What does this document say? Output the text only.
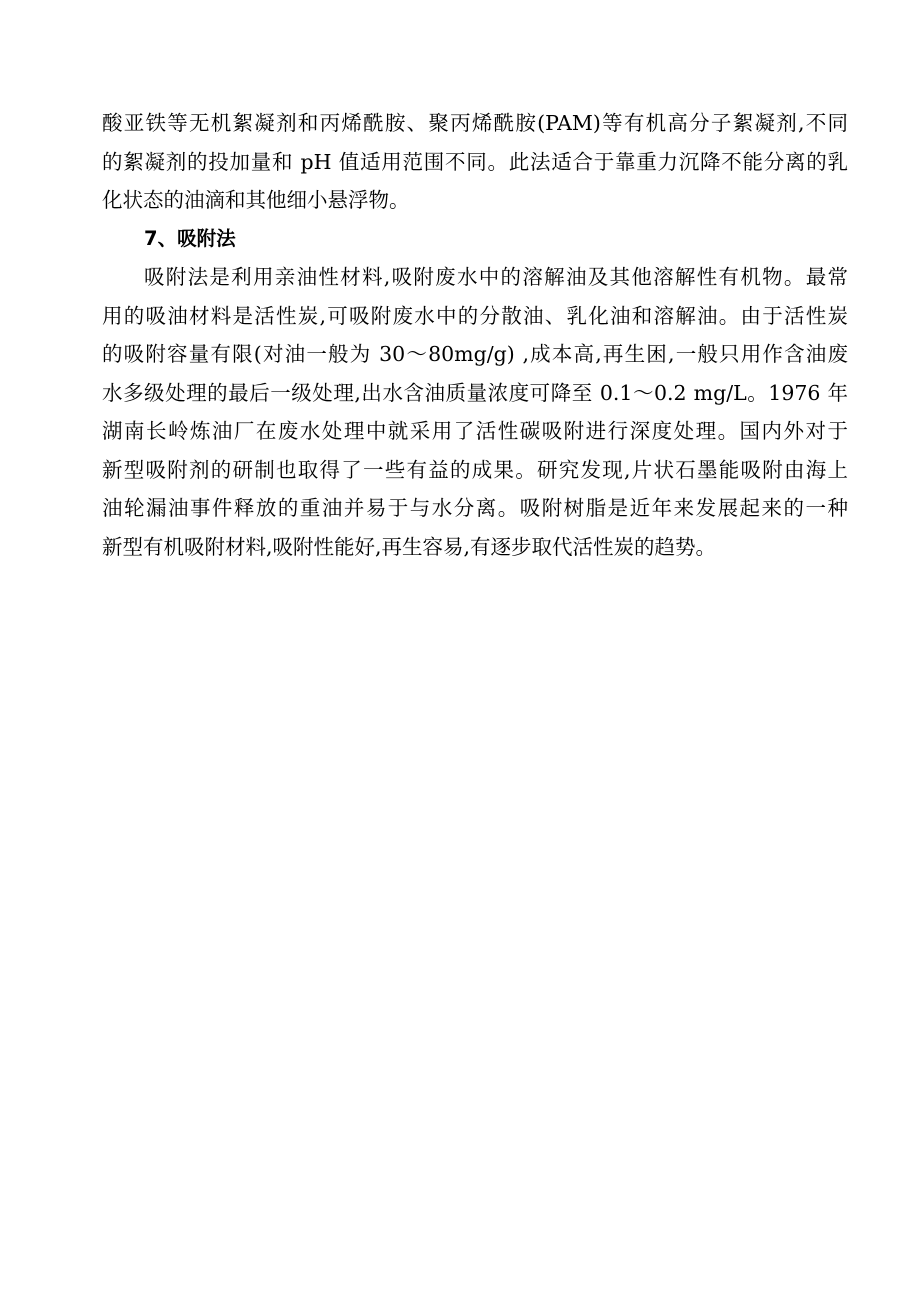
酸亚铁等无机絮凝剂和丙烯酰胺、聚丙烯酰胺(PAM)等有机高分子絮凝剂,不同
的絮凝剂的投加量和 pH 值适用范围不同。此法适合于靠重力沉降不能分离的乳
化状态的油滴和其他细小悬浮物。
7、吸附法
吸附法是利用亲油性材料,吸附废水中的溶解油及其他溶解性有机物。最常
用的吸油材料是活性炭,可吸附废水中的分散油、乳化油和溶解油。由于活性炭
的吸附容量有限(对油一般为 30～80mg/g) ,成本高,再生困,一般只用作含油废
水多级处理的最后一级处理,出水含油质量浓度可降至 0.1～0.2 mg/L。1976 年
湖南长岭炼油厂在废水处理中就采用了活性碳吸附进行深度处理。国内外对于
新型吸附剂的研制也取得了一些有益的成果。研究发现,片状石墨能吸附由海上
油轮漏油事件释放的重油并易于与水分离。吸附树脂是近年来发展起来的一种
新型有机吸附材料,吸附性能好,再生容易,有逐步取代活性炭的趋势。
